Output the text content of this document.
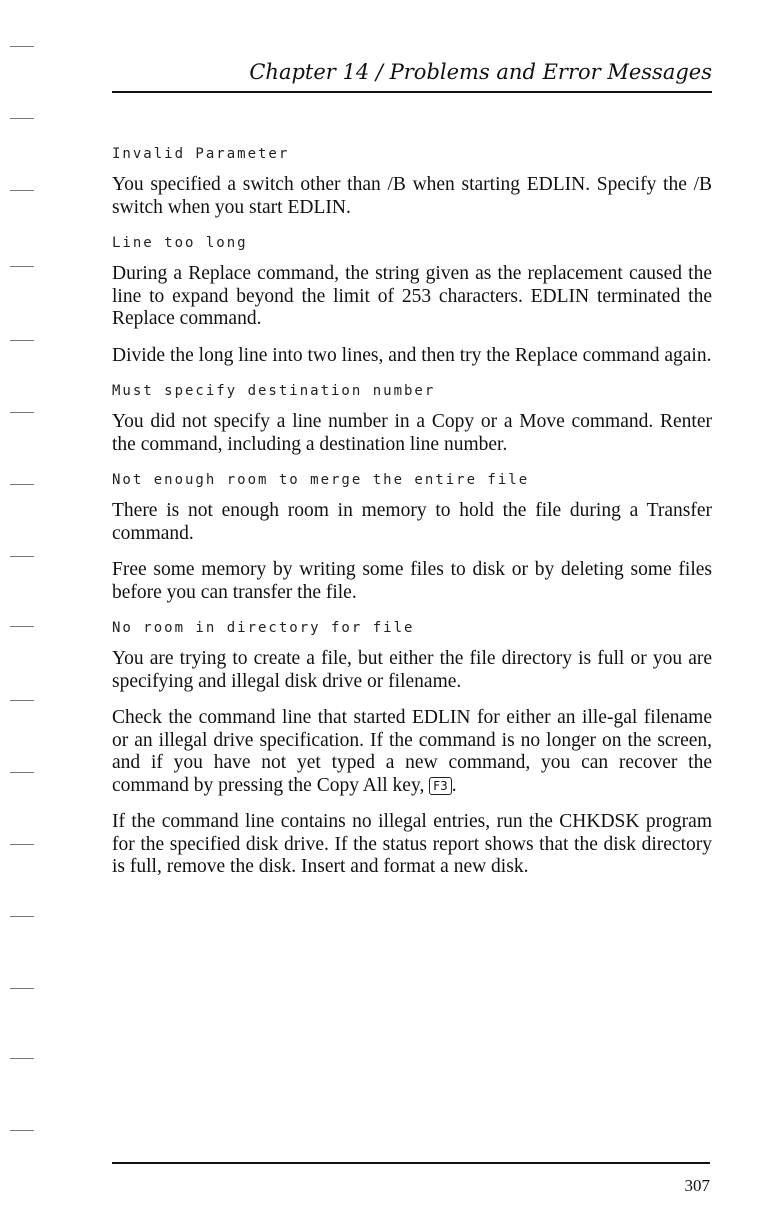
Chapter 14 / Problems and Error Messages
Invalid Parameter

You specified a switch other than /B when starting EDLIN. Specify the /B switch when you start EDLIN.

Line too long

During a Replace command, the string given as the replacement caused the line to expand beyond the limit of 253 characters. EDLIN terminated the Replace command.

Divide the long line into two lines, and then try the Replace command again.

Must specify destination number

You did not specify a line number in a Copy or a Move command. Renter the command, including a destination line number.

Not enough room to merge the entire file

There is not enough room in memory to hold the file during a Transfer command.

Free some memory by writing some files to disk or by deleting some files before you can transfer the file.

No room in directory for file

You are trying to create a file, but either the file directory is full or you are specifying and illegal disk drive or filename.

Check the command line that started EDLIN for either an ille-gal filename or an illegal drive specification. If the command is no longer on the screen, and if you have not yet typed a new command, you can recover the command by pressing the Copy All key, F3 .

If the command line contains no illegal entries, run the CHKDSK program for the specified disk drive. If the status report shows that the disk directory is full, remove the disk. Insert and format a new disk.

307
